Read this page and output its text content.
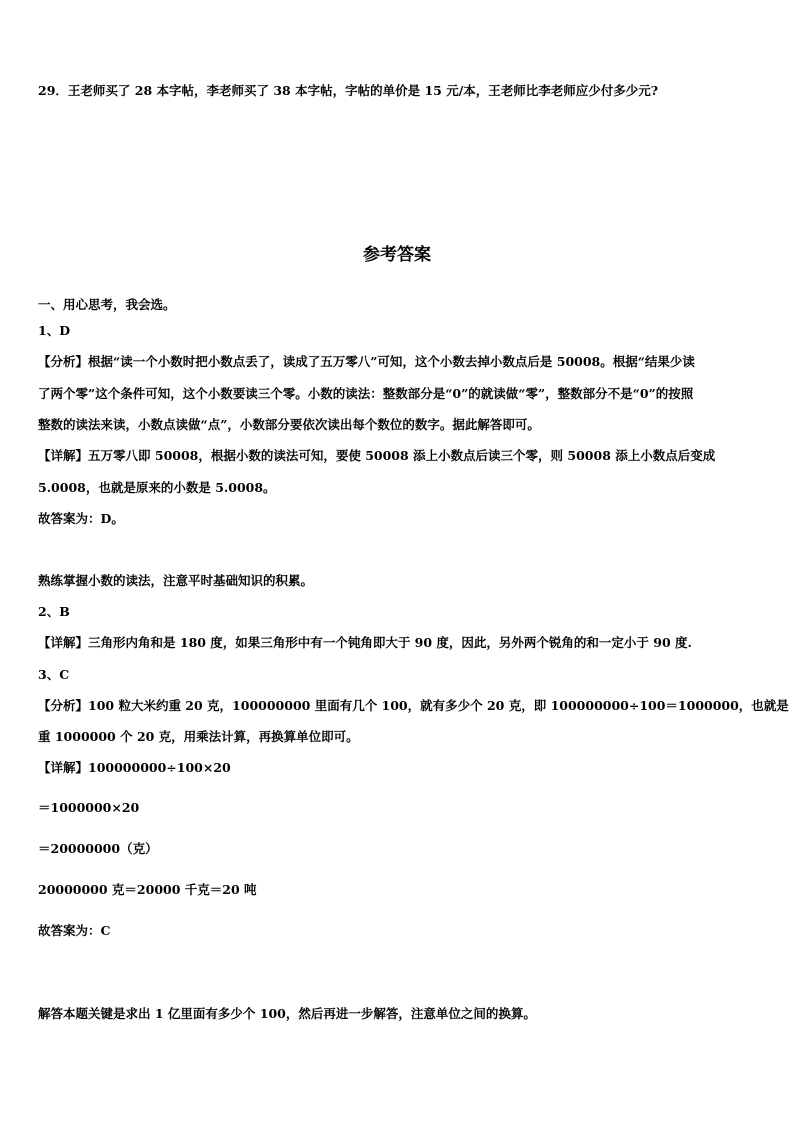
29．王老师买了 28 本字帖，李老师买了 38 本字帖，字帖的单价是 15 元/本，王老师比李老师应少付多少元?
参考答案
一、用心思考，我会选。
1、D
【分析】根据“读一个小数时把小数点丢了，读成了五万零八”可知，这个小数去掉小数点后是 50008。根据“结果少读
了两个零”这个条件可知，这个小数要读三个零。小数的读法：整数部分是“0”的就读做“零”，整数部分不是“0”的按照
整数的读法来读，小数点读做“点”，小数部分要依次读出每个数位的数字。据此解答即可。
【详解】五万零八即 50008，根据小数的读法可知，要使 50008 添上小数点后读三个零，则 50008 添上小数点后变成
5.0008，也就是原来的小数是 5.0008。
故答案为：D。
熟练掌握小数的读法，注意平时基础知识的积累。
2、B
【详解】三角形内角和是 180 度，如果三角形中有一个钝角即大于 90 度，因此，另外两个锐角的和一定小于 90 度.
3、C
【分析】100 粒大米约重 20 克，100000000 里面有几个 100，就有多少个 20 克，即 100000000÷100＝1000000，也就是
重 1000000 个 20 克，用乘法计算，再换算单位即可。
【详解】100000000÷100×20
＝1000000×20
＝20000000（克）
20000000 克＝20000 千克＝20 吨
故答案为：C
解答本题关键是求出 1 亿里面有多少个 100，然后再进一步解答，注意单位之间的换算。
